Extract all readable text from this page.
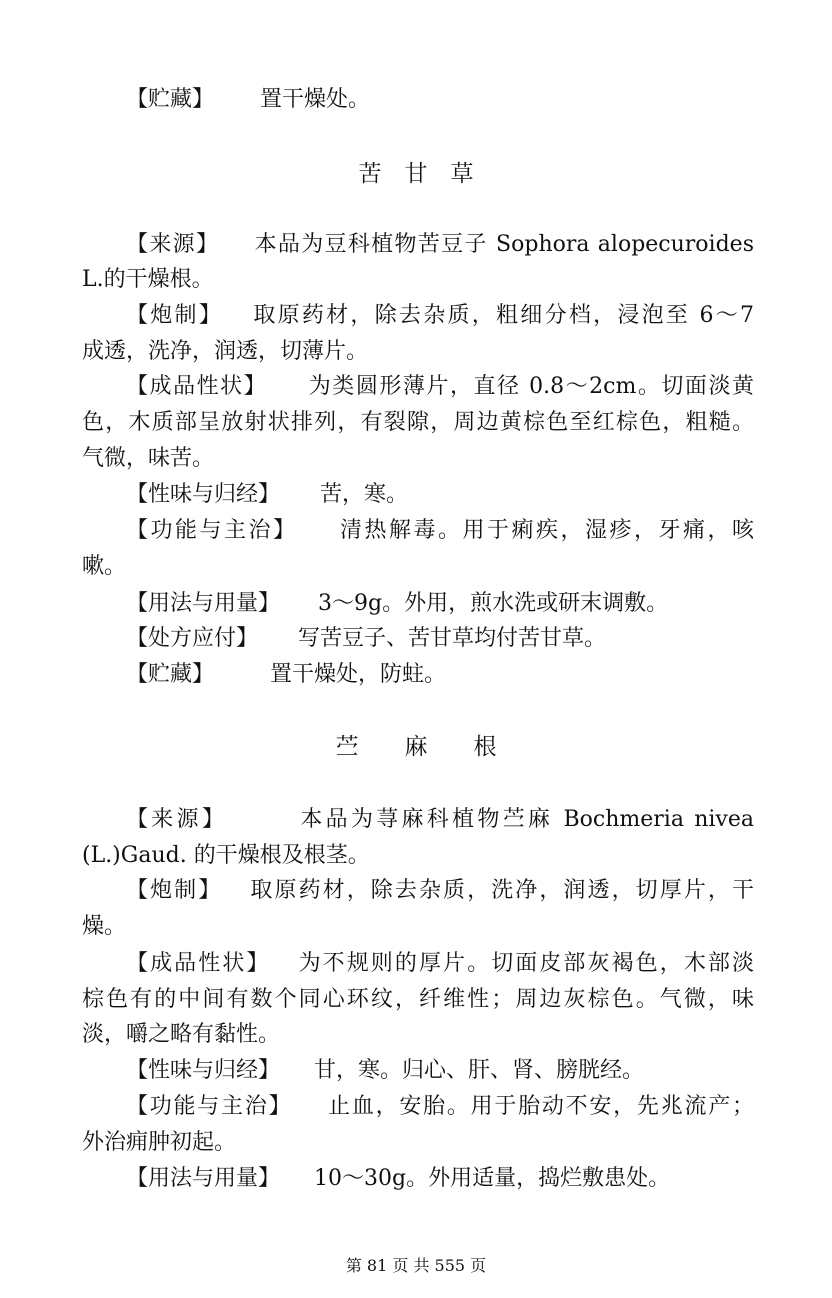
【贮藏】 置干燥处。
苦　甘　草
【来源】 本品为豆科植物苦豆子 Sophora alopecuroides
L.的干燥根。
【炮制】 取原药材，除去杂质，粗细分档，浸泡至 6～7
成透，洗净，润透，切薄片。
【成品性状】 为类圆形薄片，直径 0.8～2cm。切面淡黄
色，木质部呈放射状排列，有裂隙，周边黄棕色至红棕色，粗糙。
气微，味苦。
【性味与归经】 苦，寒。
【功能与主治】 清热解毒。用于痢疾，湿疹，牙痛，咳
嗽。
【用法与用量】 3～9g。外用，煎水洗或研末调敷。
【处方应付】 写苦豆子、苦甘草均付苦甘草。
【贮藏】	置干燥处，防蛀。
苎　　麻　　根
【来源】	本品为荨麻科植物苎麻 Bochmeria nivea
(L.)Gaud. 的干燥根及根茎。
【炮制】 取原药材，除去杂质，洗净，润透，切厚片，干
燥。
【成品性状】 为不规则的厚片。切面皮部灰褐色，木部淡
棕色有的中间有数个同心环纹，纤维性；周边灰棕色。气微，味
淡，嚼之略有黏性。
【性味与归经】 甘，寒。归心、肝、肾、膀胱经。
【功能与主治】 止血，安胎。用于胎动不安，先兆流产；
外治痈肿初起。
【用法与用量】 10～30g。外用适量，捣烂敷患处。
第 81 页 共 555 页
